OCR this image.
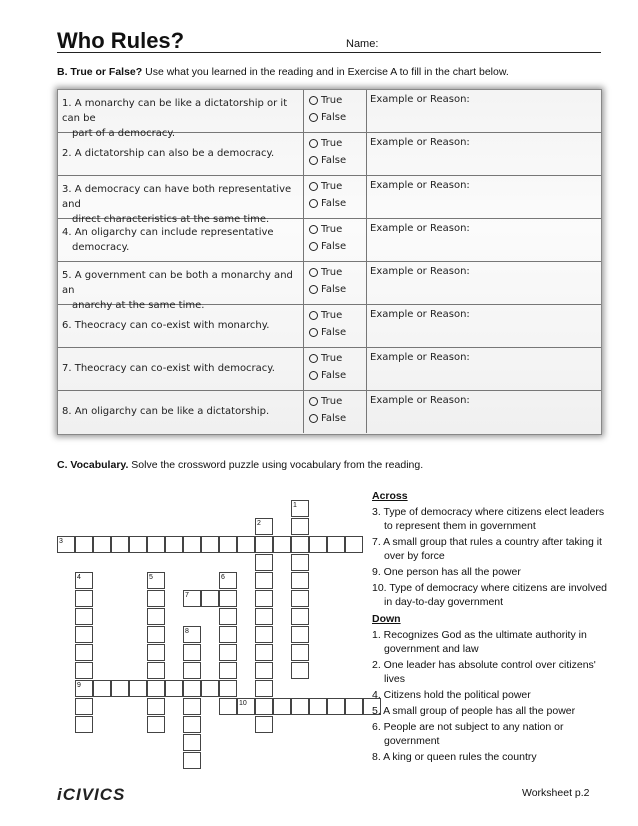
Who Rules?	Name:
B. True or False? Use what you learned in the reading and in Exercise A to fill in the chart below.
1. A monarchy can be like a dictatorship or it can be
part of a democracy.
True
False
Example or Reason:
2. A dictatorship can also be a democracy.
True
False
Example or Reason:
3. A democracy can have both representative and
direct characteristics at the same time.
True
False
Example or Reason:
4. An oligarchy can include representative
democracy.
True
False
Example or Reason:
5. A government can be both a monarchy and an
anarchy at the same time.
True
False
Example or Reason:
6. Theocracy can co-exist with monarchy.
True
False
Example or Reason:
7. Theocracy can co-exist with democracy.
True
False
Example or Reason:
8. An oligarchy can be like a dictatorship.
True
False
Example or Reason:
C. Vocabulary. Solve the crossword puzzle using vocabulary from the reading.
1
2
3
4	5	6
7
8
9
10
Across
3. Type of democracy where citizens elect leaders to represent them in government
7. A small group that rules a country after taking it over by force
9. One person has all the power
10. Type of democracy where citizens are involved in day-to-day government
Down
1. Recognizes God as the ultimate authority in government and law
2. One leader has absolute control over citizens' lives
4. Citizens hold the political power
5. A small group of people has all the power
6. People are not subject to any nation or government
8. A king or queen rules the country
iCIVICS	Worksheet p.2
